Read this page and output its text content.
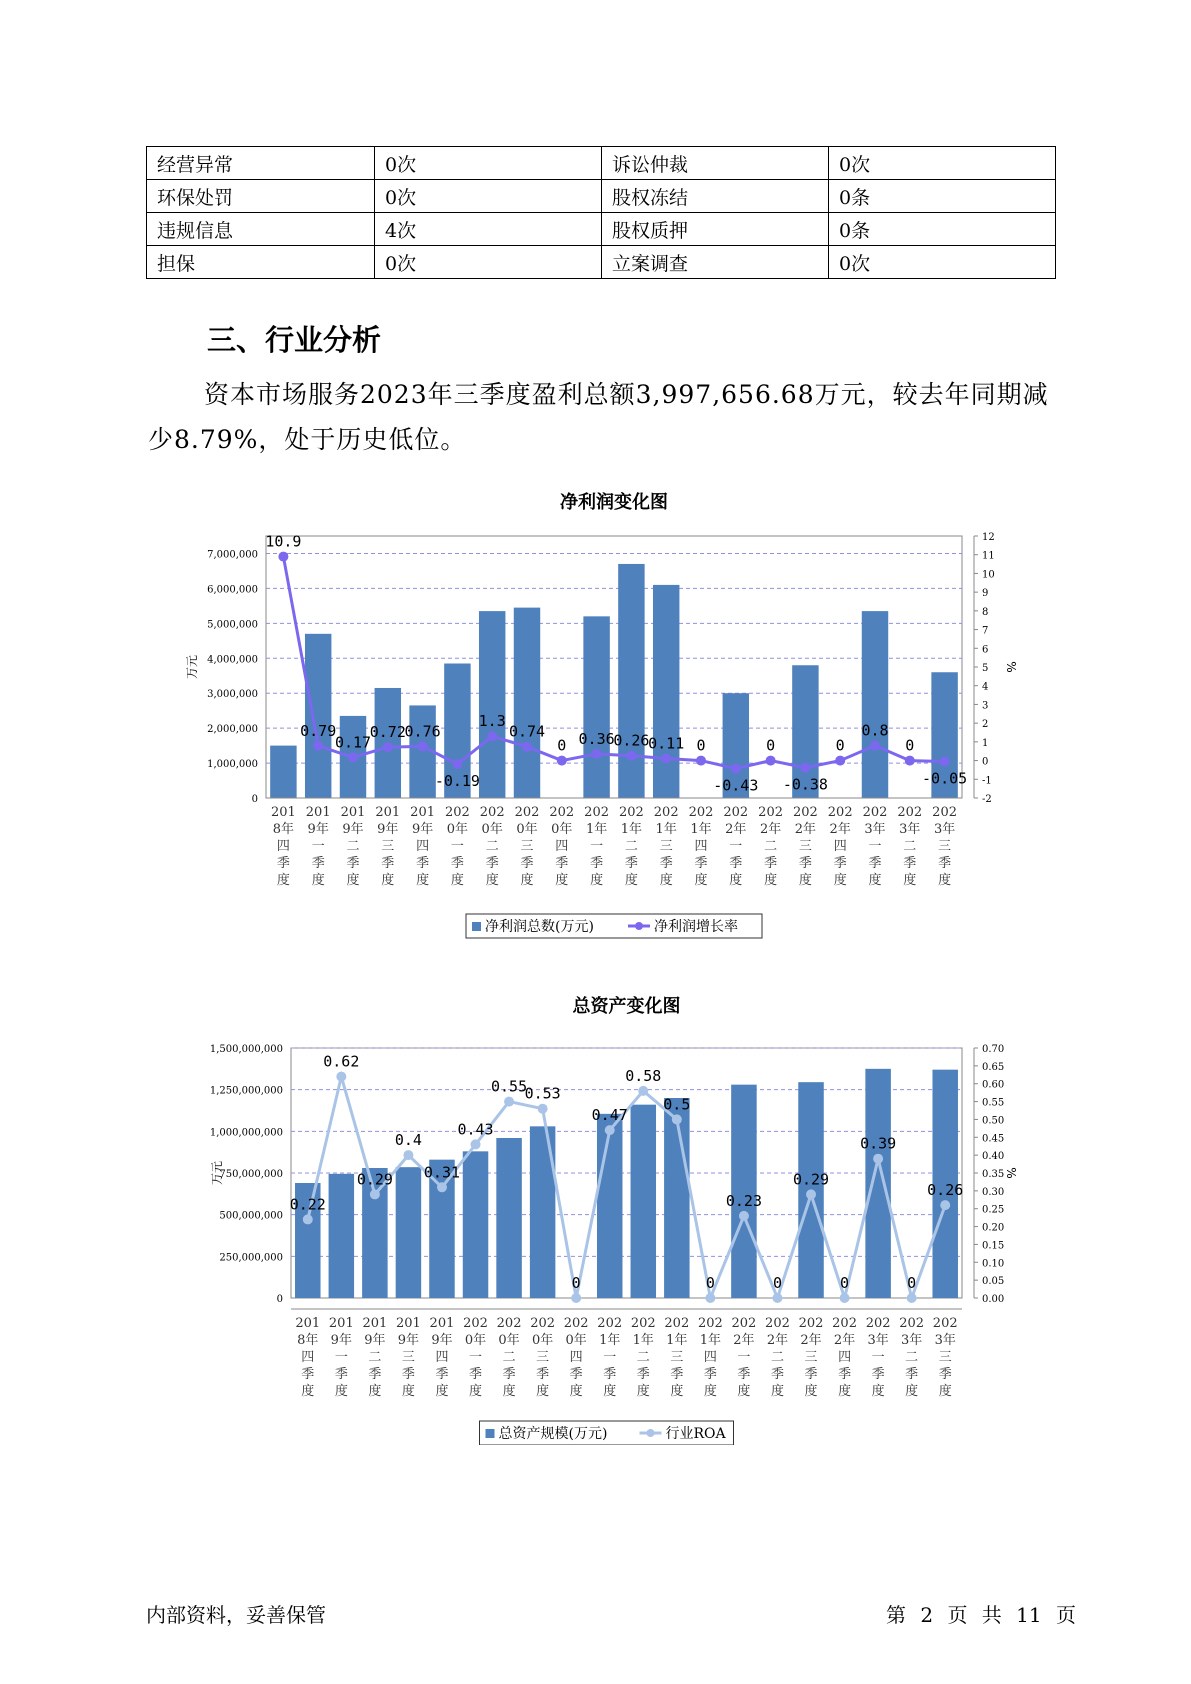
经营异常	0次	诉讼仲裁	0次
环保处罚	0次	股权冻结	0条
违规信息	4次	股权质押	0条
担保	0次	立案调查	0次
三、行业分析
资本市场服务2023年三季度盈利总额3,997,656.68万元，较去年同期减少8.79%，处于历史低位。
净利润变化图
0
1,000,000
2,000,000
3,000,000
4,000,000
5,000,000
6,000,000
7,000,000
-2
-1
0
1
2
3
4
5
6
7
8
9
10
11
12
万元	%
10.9
0.79
0.17
0.72
0.76
-0.19
1.3
0.74
0 0.36
0.26
0.11 0
-0.43
0
-0.38
0
0.8
0
-0.05
201 8年四季度
201 9年一季度
201 9年二季度
201 9年三季度
201 9年四季度
202 0年一季度
202 0年二季度
202 0年三季度
202 0年四季度
202 1年一季度
202 1年二季度
202 1年三季度
202 1年四季度
202 2年一季度
202 2年二季度
202 2年三季度
202 2年四季度
202 3年一季度
202 3年二季度
202 3年三季度
净利润总数(万元)	净利润增长率
总资产变化图
0
250,000,000
500,000,000
750,000,000
1,000,000,000
1,250,000,000
1,500,000,000
0.00
0.05
0.10
0.15
0.20
0.25
0.30
0.35
0.40
0.45
0.50
0.55
0.60
0.65
0.70
万元	%
0.22
0.62
0.29
0.4
0.31
0.43
0.55
0.53
0
0.47
0.58
0.5
0
0.23
0
0.29
0
0.39
0
0.26
201 8年四季度
201 9年一季度
201 9年二季度
201 9年三季度
201 9年四季度
202 0年一季度
202 0年二季度
202 0年三季度
202 0年四季度
202 1年一季度
202 1年二季度
202 1年三季度
202 1年四季度
202 2年一季度
202 2年二季度
202 2年三季度
202 2年四季度
202 3年一季度
202 3年二季度
202 3年三季度
总资产规模(万元)	行业ROA
内部资料，妥善保管	第 2 页 共 11 页
